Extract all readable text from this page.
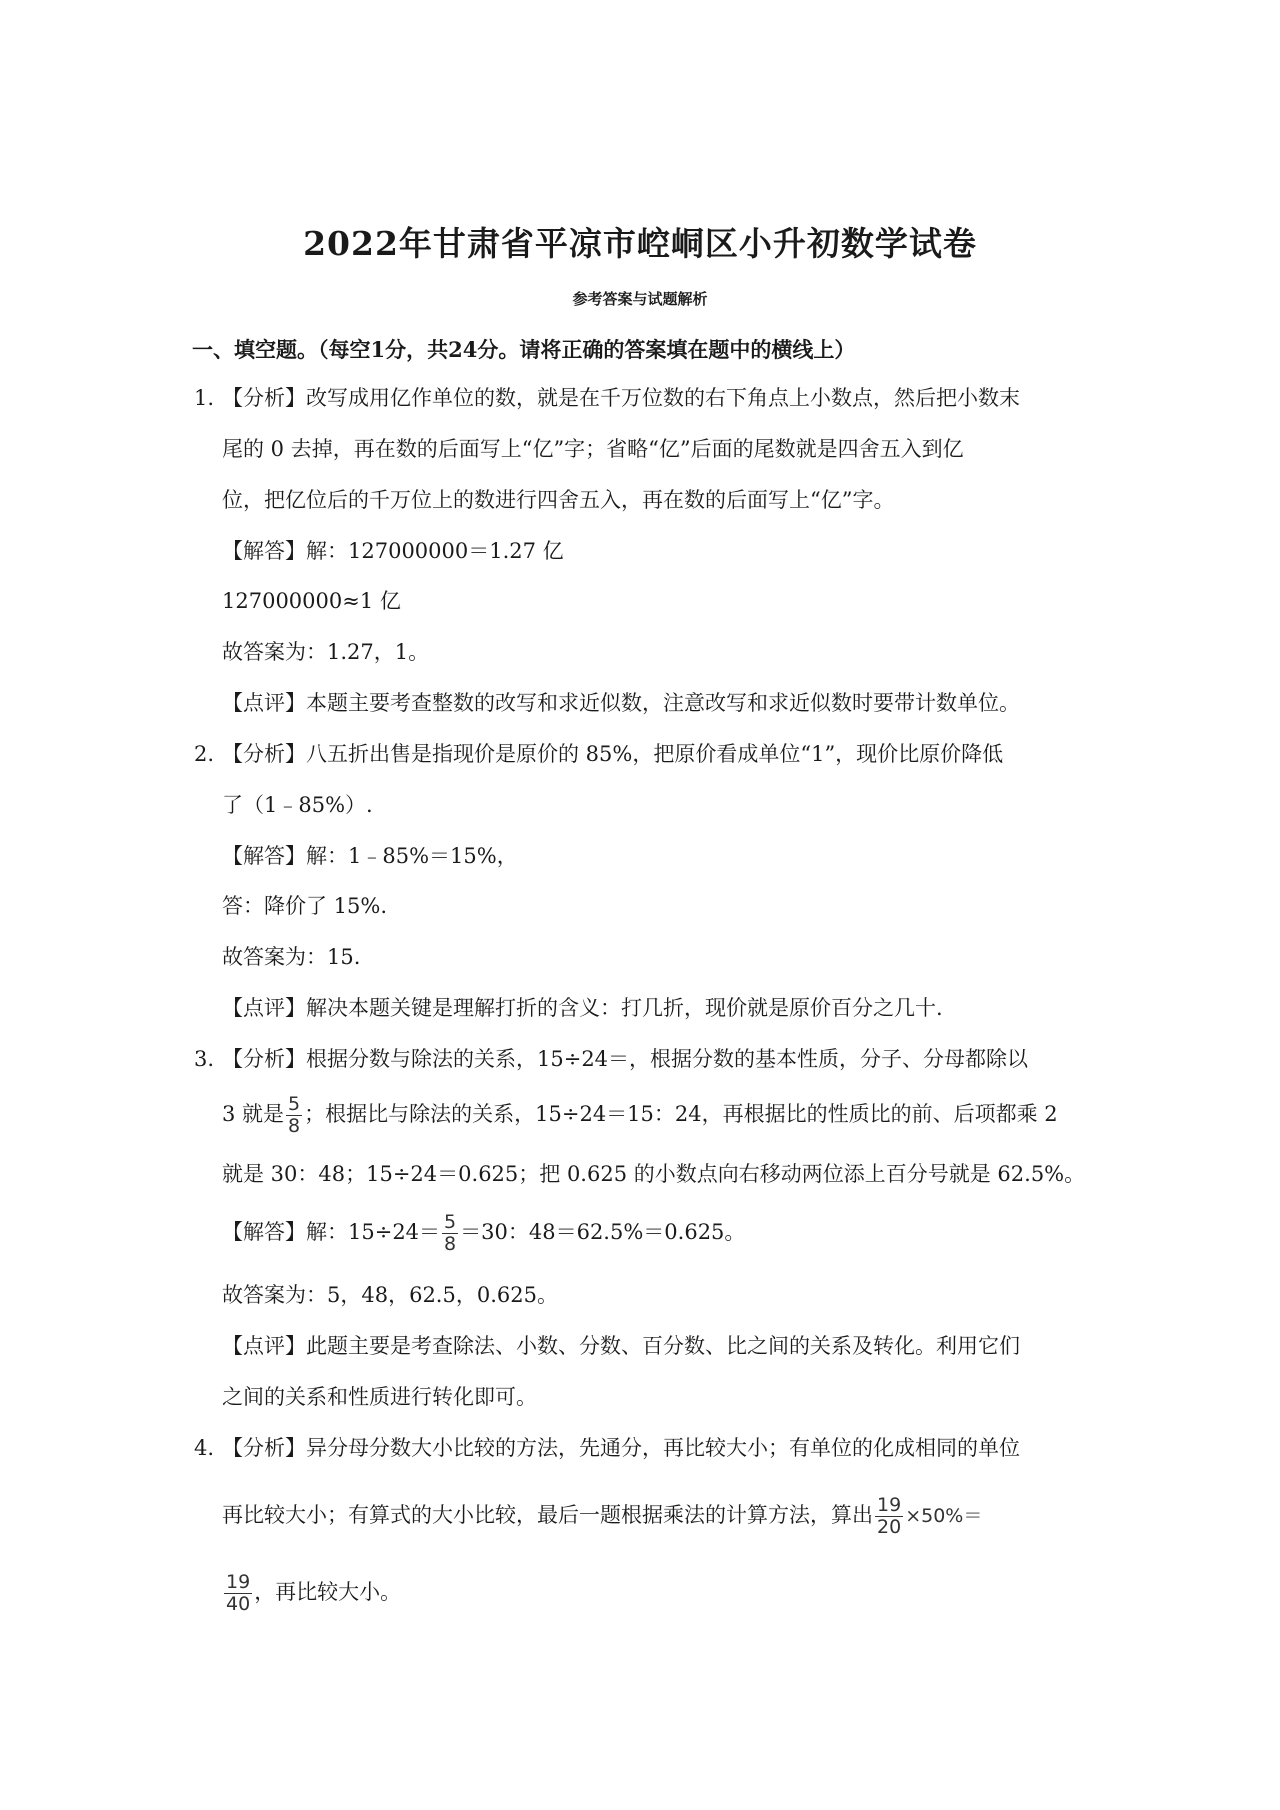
2022年甘肃省平凉市崆峒区小升初数学试卷
参考答案与试题解析
一、填空题。（每空1分，共24分。请将正确的答案填在题中的横线上）
1. 【分析】改写成用亿作单位的数，就是在千万位数的右下角点上小数点，然后把小数末
尾的 0 去掉，再在数的后面写上“亿”字；省略“亿”后面的尾数就是四舍五入到亿
位，把亿位后的千万位上的数进行四舍五入，再在数的后面写上“亿”字。
【解答】解：127000000＝1.27 亿
127000000≈1 亿
故答案为：1.27，1。
【点评】本题主要考查整数的改写和求近似数，注意改写和求近似数时要带计数单位。
2. 【分析】八五折出售是指现价是原价的 85%，把原价看成单位“1”，现价比原价降低
了（1﹣85%）.
【解答】解：1﹣85%＝15%，
答：降价了 15%.
故答案为：15.
【点评】解决本题关键是理解打折的含义：打几折，现价就是原价百分之几十.
3. 【分析】根据分数与除法的关系，15÷24＝，根据分数的基本性质，分子、分母都除以
3 就是 $\frac{5}{8}$ ；根据比与除法的关系，15÷24＝15：24，再根据比的性质比的前、后项都乘 2
就是 30：48；15÷24＝0.625；把 0.625 的小数点向右移动两位添上百分号就是 62.5%。
【解答】解：$15\div 24= \frac{5}{8} =30$：48＝62.5%＝0.625。
故答案为：5，48，62.5，0.625。
【点评】此题主要是考查除法、小数、分数、百分数、比之间的关系及转化。利用它们
之间的关系和性质进行转化即可。
4. 【分析】异分母分数大小比较的方法，先通分，再比较大小；有单位的化成相同的单位
再比较大小；有算式的大小比较，最后一题根据乘法的计算方法，算出 $\frac{19}{20} \times 50\%=$
$\frac{19}{40}$ ，再比较大小。
